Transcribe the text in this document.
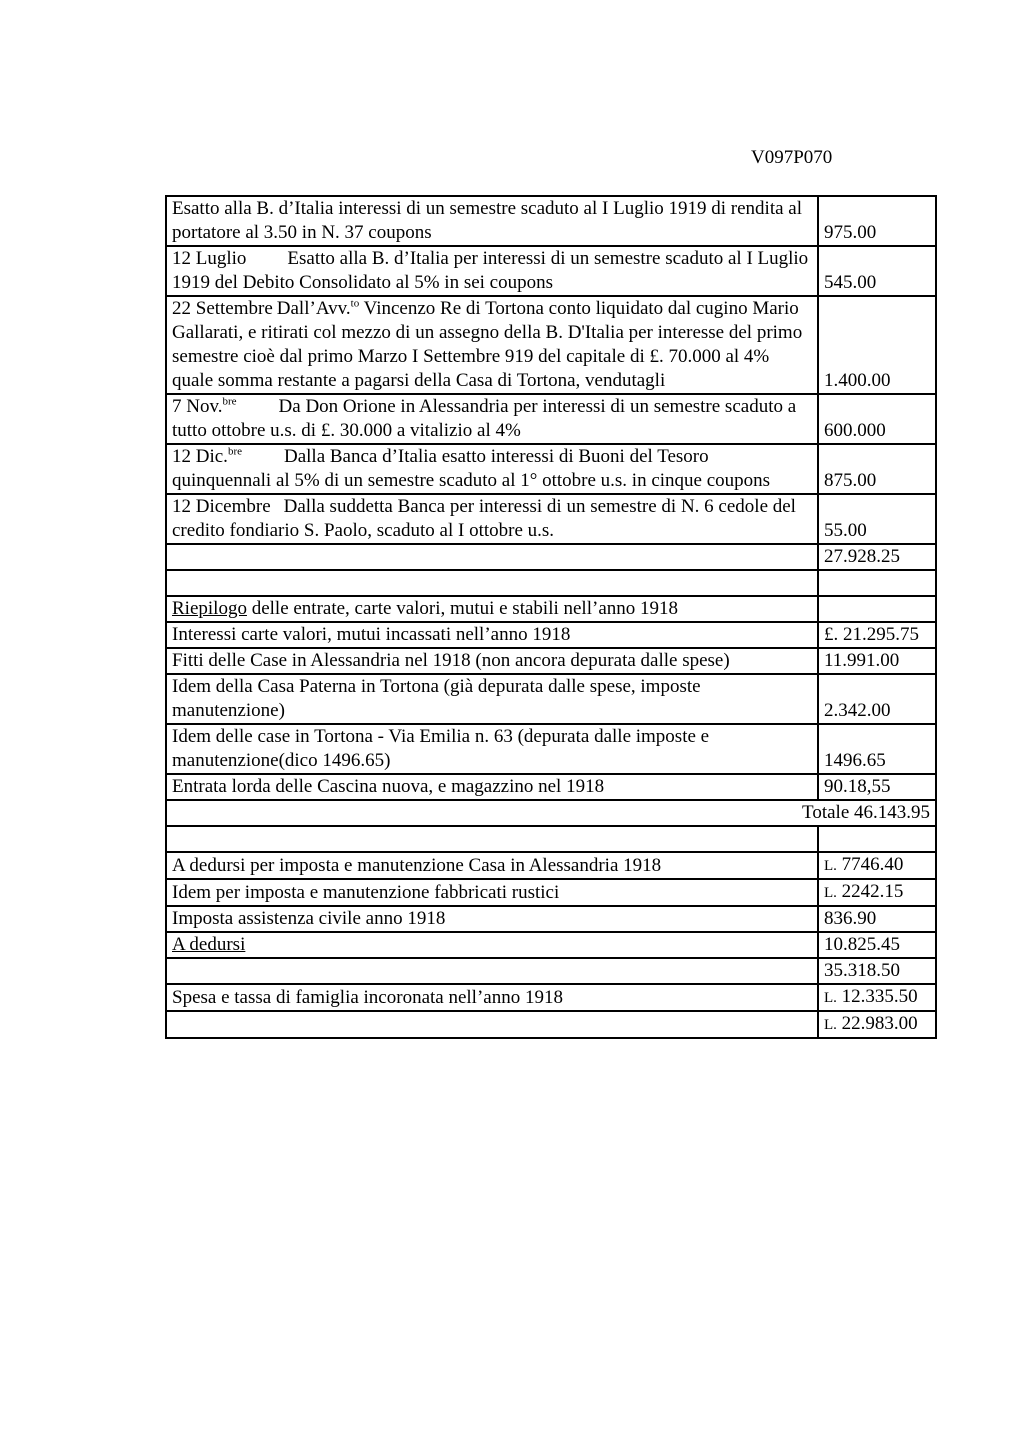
V097P070
Esatto alla B. d’Italia interessi di un semestre scaduto al I Luglio 1919 di rendita al portatore al 3.50 in N. 37 coupons	975.00
12 Luglio Esatto alla B. d’Italia per interessi di un semestre scaduto al I Luglio 1919 del Debito Consolidato al 5% in sei coupons	545.00
22 Settembre Dall’Avv.$^{to}$ Vincenzo Re di Tortona conto liquidato dal cugino Mario Gallarati, e ritirati col mezzo di un assegno della B. D'Italia per interesse del primo semestre cioè dal primo Marzo I Settembre 919 del capitale di £. 70.000 al 4% quale somma restante a pagarsi della Casa di Tortona, vendutagli	1.400.00
7 Nov.$^{bre}$ Da Don Orione in Alessandria per interessi di un semestre scaduto a tutto ottobre u.s. di £. 30.000 a vitalizio al 4%	600.000
12 Dic.$^{bre}$ Dalla Banca d’Italia esatto interessi di Buoni del Tesoro quinquennali al 5% di un semestre scaduto al 1° ottobre u.s. in cinque coupons	875.00
12 Dicembre Dalla suddetta Banca per interessi di un semestre di N. 6 cedole del credito fondiario S. Paolo, scaduto al I ottobre u.s.	55.00
	27.928.25

Riepilogo delle entrate, carte valori, mutui e stabili nell’anno 1918	
Interessi carte valori, mutui incassati nell’anno 1918	£. 21.295.75
Fitti delle Case in Alessandria nel 1918 (non ancora depurata dalle spese)	11.991.00
Idem della Casa Paterna in Tortona (già depurata dalle spese, imposte manutenzione)	2.342.00
Idem delle case in Tortona - Via Emilia n. 63 (depurata dalle imposte e manutenzione(dico 1496.65)	1496.65
Entrata lorda delle Cascina nuova, e magazzino nel 1918	90.18,55
Totale 46.143.95	

A dedursi per imposta e manutenzione Casa in Alessandria 1918	L. 7746.40
Idem per imposta e manutenzione fabbricati rustici	L. 2242.15
Imposta assistenza civile anno 1918	836.90
A dedursi	10.825.45
	35.318.50
Spesa e tassa di famiglia incoronata nell’anno 1918	L. 12.335.50
	L. 22.983.00
